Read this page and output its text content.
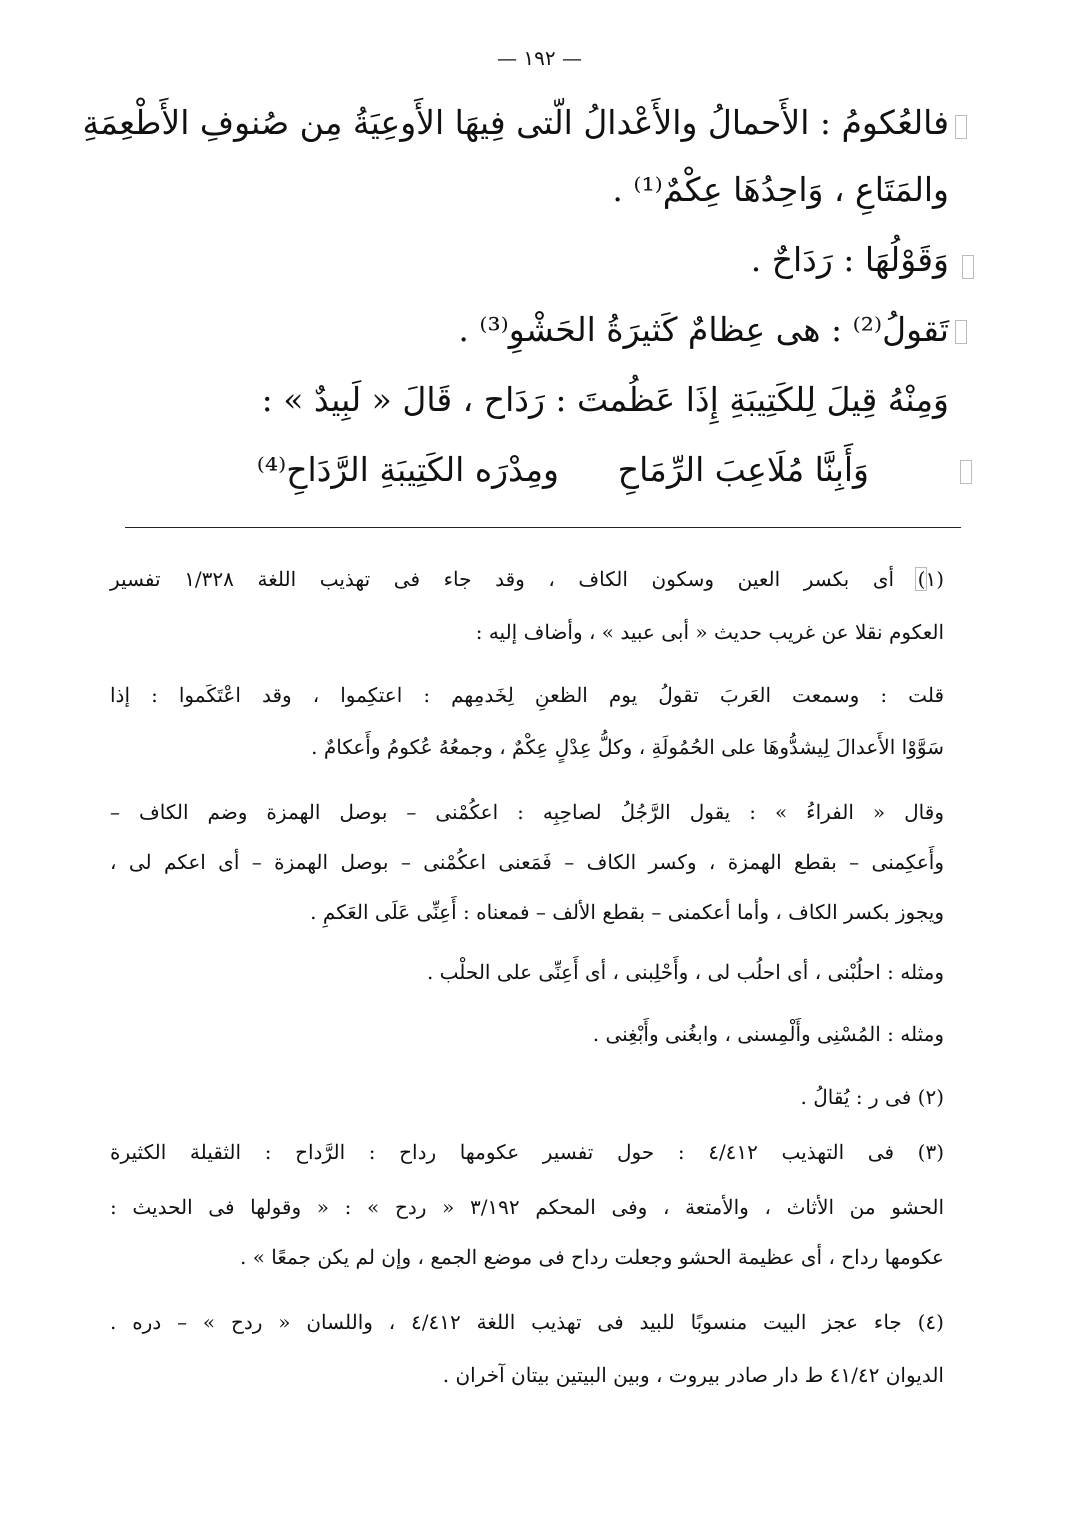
— ١٩٢ —
فالعُكومُ : الأَحمالُ والأَعْدالُ الّتى فِيهَا الأَوعِيَةُ مِن صُنوفِ الأَطْعِمَةِ
والمَتَاعِ ، وَاحِدُهَا عِكْمٌ⁽¹⁾ .
وَقَوْلُهَا : رَدَاحٌ .
تَقولُ⁽²⁾ : هى عِظامٌ كَثيرَةُ الحَشْوِ⁽³⁾ .
وَمِنْهُ قِيلَ لِلكَتِيبَةِ إِذَا عَظُمتَ : رَدَاح ، قَالَ « لَبِيدٌ » :
وَأَبِنَّا مُلَاعِبَ الرِّمَاحِ
ومِدْرَه الكَتِيبَةِ الرَّدَاحِ⁽⁴⁾
(١) أى بكسر العين وسكون الكاف ، وقد جاء فى تهذيب اللغة ١/٣٢٨ تفسير
العكوم نقلا عن غريب حديث « أبى عبيد » ، وأضاف إليه :
قلت : وسمعت العَربَ تقولُ يوم الظعنِ لِخَدمِهم : اعتكِموا ، وقد اعْتَكَموا : إذا
سَوَّوْا الأَعدالَ لِيشدُّوهَا على الحُمُولَةِ ، وكلُّ عِدْلٍ عِكْمٌ ، وجمعُهُ عُكومُ وأَعكامٌ .
وقال « الفراءُ » : يقول الرَّجُلُ لصاحِبِه : اعكُمْنى – بوصل الهمزة وضم الكاف –
وأَعكِمنى – بقطع الهمزة ، وكسر الكاف – فَمَعنى اعكُمْنى – بوصل الهمزة – أى اعكم لى ،
ويجوز بكسر الكاف ، وأما أعكمنى – بقطع الألف – فمعناه : أَعِنِّى عَلَى العَكمِ .
ومثله : احلُبْنى ، أى احلُب لى ، وأَحْلِبنى ، أى أَعِنِّى على الحلْب .
ومثله : المُسْنِى وأَلْمِسنى ، وابغُنى وأَبْغِنى .
(٢) فى ر : يُقالُ .
(٣) فى التهذيب ٤/٤١٢ : حول تفسير عكومها رداح : الرَّداح : الثقيلة الكثيرة
الحشو من الأثاث ، والأمتعة ، وفى المحكم ٣/١٩٢ « ردح » : « وقولها فى الحديث :
عكومها رداح ، أى عظيمة الحشو وجعلت رداح فى موضع الجمع ، وإن لم يكن جمعًا » .
(٤) جاء عجز البيت منسوبًا للبيد فى تهذيب اللغة ٤/٤١٢ ، واللسان « ردح » – دره .
الديوان ٤١/٤٢ ط دار صادر بيروت ، وبين البيتين بيتان آخران .
